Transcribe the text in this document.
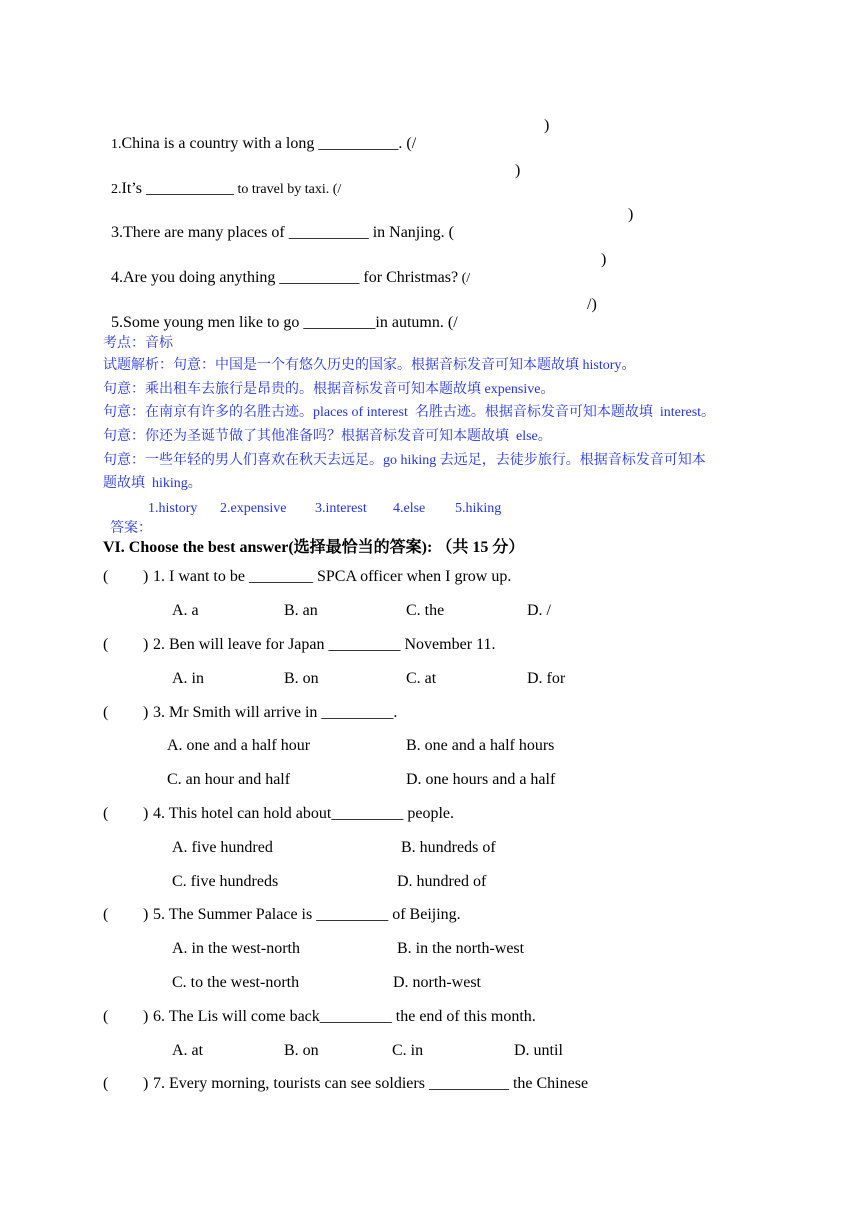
1.China is a country with a long __________. (/

)

2.It’s ___________ to travel by taxi. (/

)

3.There are many places of __________ in Nanjing. (

)

4.Are you doing anything __________ for Christmas? (/

)

5.Some young men like to go _________in autumn. (/

/)
考点：音标
试题解析：句意：中国是一个有悠久历史的国家。根据音标发音可知本题故填 history。
句意：乘出租车去旅行是昂贵的。根据音标发音可知本题故填 expensive。
句意：在南京有许多的名胜古迹。places of interest  名胜古迹。根据音标发音可知本题故填  interest。
句意：你还为圣诞节做了其他准备吗？根据音标发音可知本题故填  else。
句意：一些年轻的男人们喜欢在秋天去远足。go hiking 去远足，去徒步旅行。根据音标发音可知本
题故填  hiking。

答案：

1.history 2.expensive 3.interest 4.else 5.hiking
VI. Choose the best answer(选择最恰当的答案): （共 15 分）
( ) 1. I want to be ________ SPCA officer when I grow up.
A. a	B. an	C. the	D. /
( ) 2. Ben will leave for Japan _________ November 11.
A. in	B. on	C. at	D. for
( ) 3. Mr Smith will arrive in _________.
A. one and a half hour	B. one and a half hours
C. an hour and half	D. one hours and a half
( ) 4. This hotel can hold about_________ people.
A. five hundred	B. hundreds of
C. five hundreds	D. hundred of
( ) 5. The Summer Palace is _________ of Beijing.
A. in the west-north	B. in the north-west
C. to the west-north	D. north-west
( ) 6. The Lis will come back_________ the end of this month.
A. at	B. on	C. in	D. until
( ) 7. Every morning, tourists can see soldiers __________ the Chinese
